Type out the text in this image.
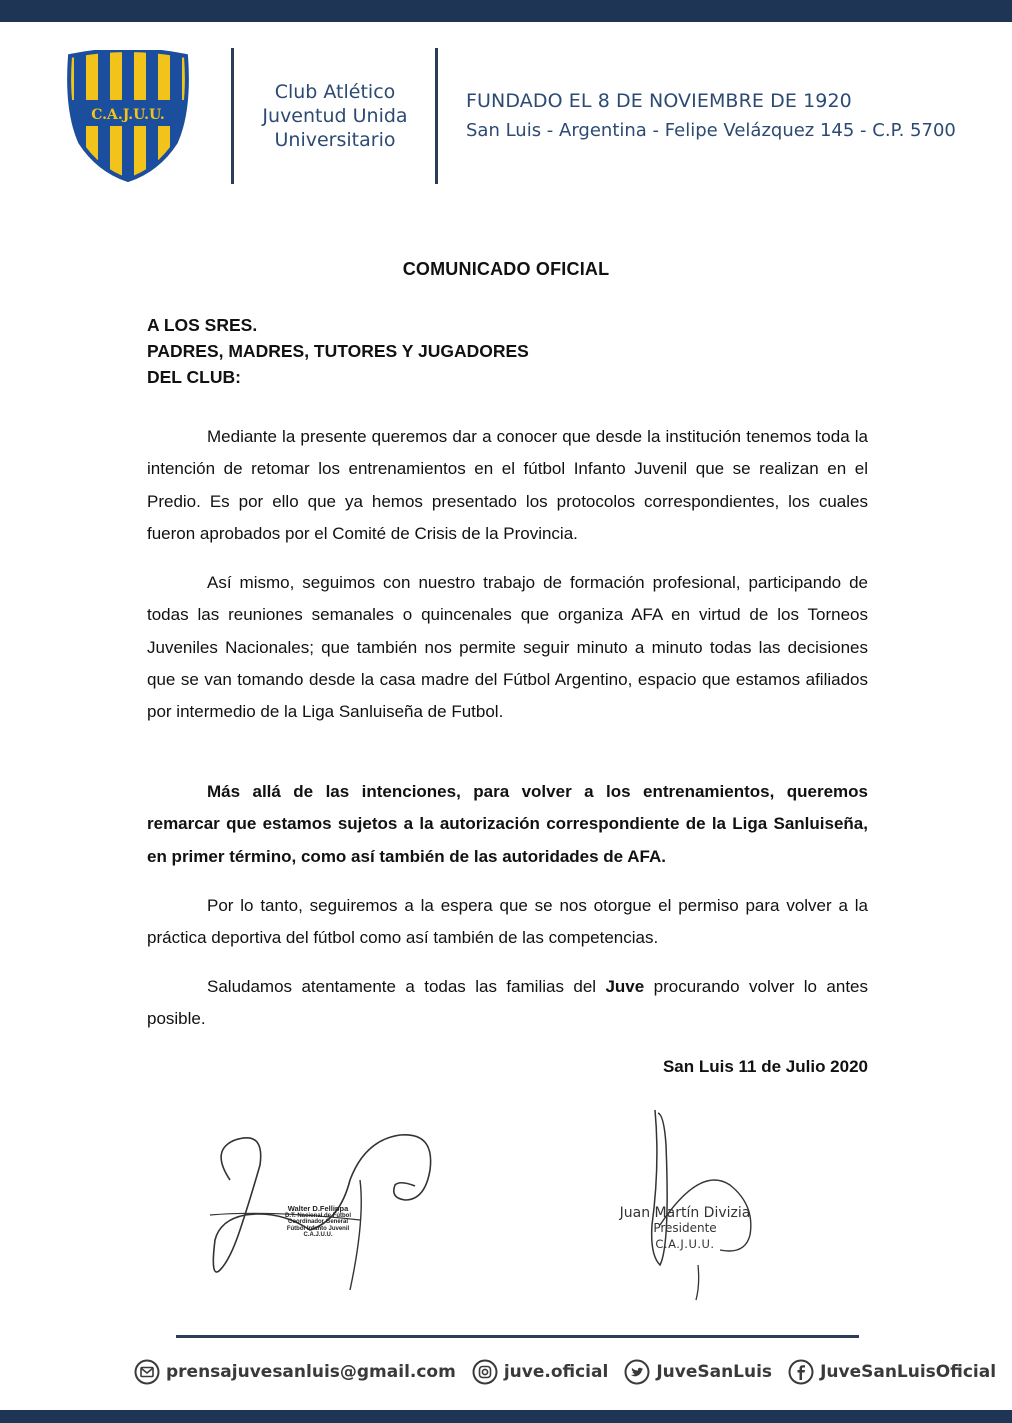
C.A.J.U.U.
Club Atlético
Juventud Unida
Universitario
FUNDADO EL 8 DE NOVIEMBRE DE 1920
San Luis - Argentina - Felipe Velázquez 145 - C.P. 5700
COMUNICADO OFICIAL
A LOS SRES.
PADRES, MADRES, TUTORES Y JUGADORES
DEL CLUB:

Mediante la presente queremos dar a conocer que desde la institución tenemos toda la intención de retomar los entrenamientos en el fútbol Infanto Juvenil que se realizan en el Predio. Es por ello que ya hemos presentado los protocolos correspondientes, los cuales fueron aprobados por el Comité de Crisis de la Provincia.

Así mismo, seguimos con nuestro trabajo de formación profesional, participando de todas las reuniones semanales o quincenales que organiza AFA en virtud de los Torneos Juveniles Nacionales; que también nos permite seguir minuto a minuto todas las decisiones que se van tomando desde la casa madre del Fútbol Argentino, espacio que estamos afiliados por intermedio de la Liga Sanluiseña de Futbol.

Más allá de las intenciones, para volver a los entrenamientos, queremos remarcar que estamos sujetos a la autorización correspondiente de la Liga Sanluiseña, en primer término, como así también de las autoridades de AFA.

Por lo tanto, seguiremos a la espera que se nos otorgue el permiso para volver a la práctica deportiva del fútbol como así también de las competencias.

Saludamos atentamente a todas las familias del Juve procurando volver lo antes posible.

San Luis 11 de Julio 2020
Walter D.Fellippa
D.T. Nacional de Fútbol
Coordinador General
Fútbol Infanto Juvenil
C.A.J.U.U.
Juan Martín Divizia
Presidente
C.A.J.U.U.
prensajuvesanluis@gmail.com	juve.oficial	JuveSanLuis	JuveSanLuisOficial
